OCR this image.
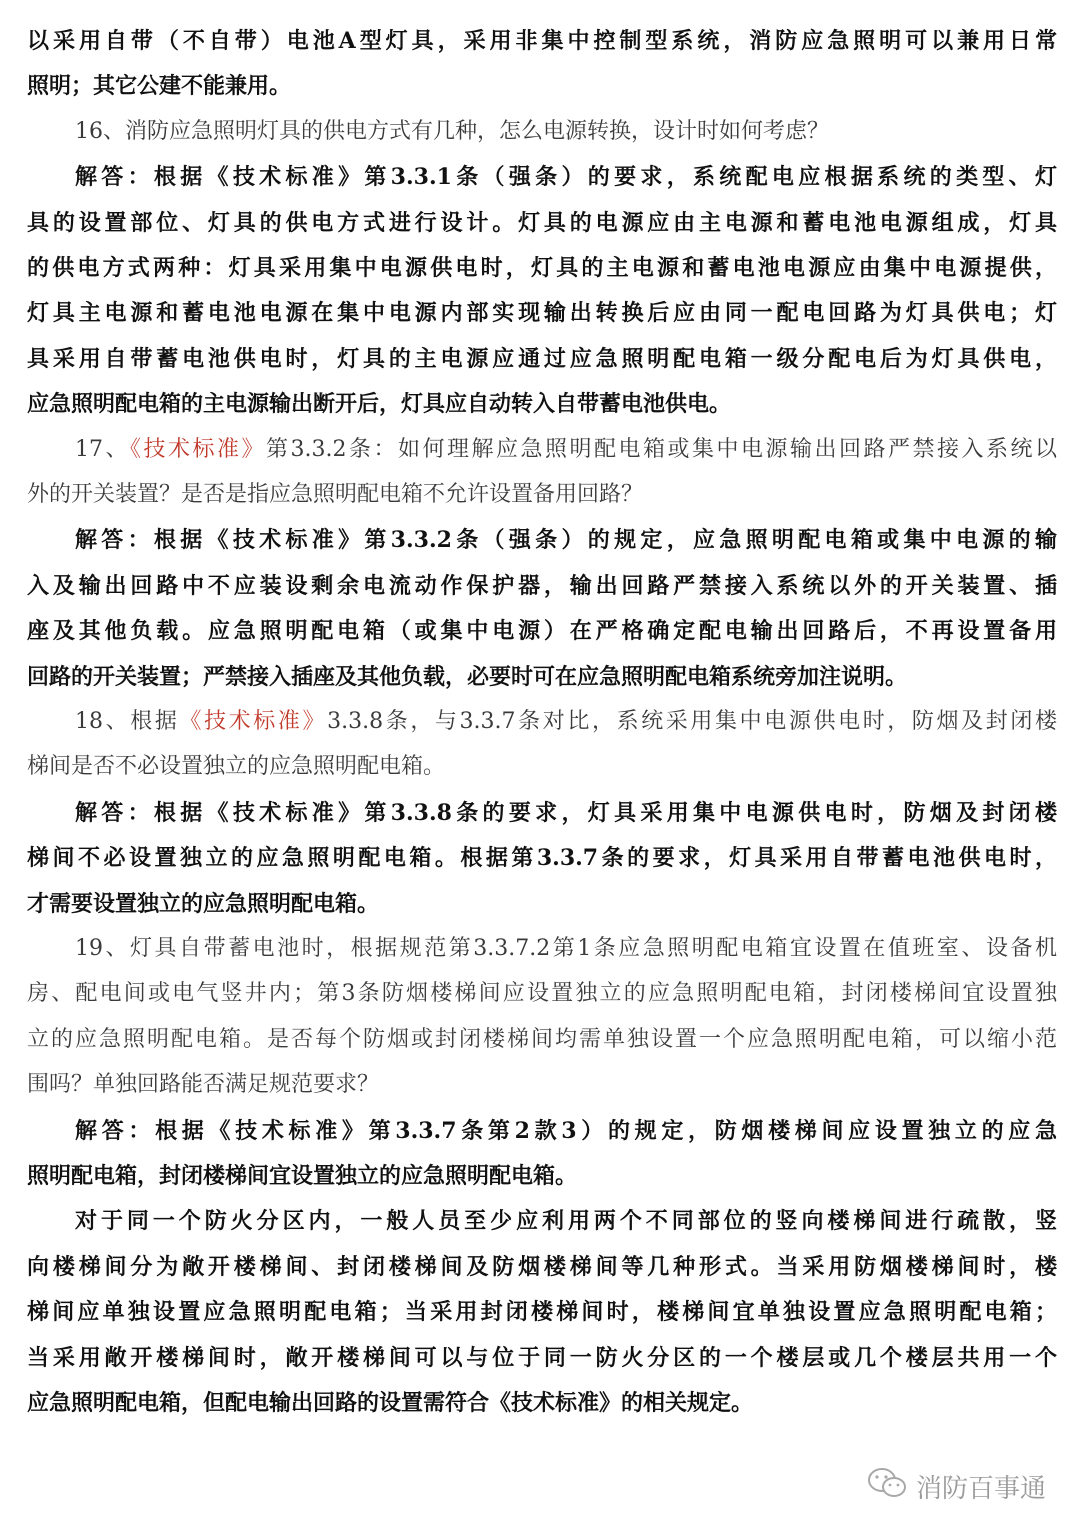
以采用自带（不自带）电池A型灯具，采用非集中控制型系统，消防应急照明可以兼用日常
照明；其它公建不能兼用。
16、消防应急照明灯具的供电方式有几种，怎么电源转换，设计时如何考虑？
解答：根据《技术标准》第3.3.1条（强条）的要求，系统配电应根据系统的类型、灯
具的设置部位、灯具的供电方式进行设计。灯具的电源应由主电源和蓄电池电源组成，灯具
的供电方式两种：灯具采用集中电源供电时，灯具的主电源和蓄电池电源应由集中电源提供，
灯具主电源和蓄电池电源在集中电源内部实现输出转换后应由同一配电回路为灯具供电；灯
具采用自带蓄电池供电时，灯具的主电源应通过应急照明配电箱一级分配电后为灯具供电，
应急照明配电箱的主电源输出断开后，灯具应自动转入自带蓄电池供电。
17、《技术标准》第3.3.2条：如何理解应急照明配电箱或集中电源输出回路严禁接入系统以
外的开关装置？是否是指应急照明配电箱不允许设置备用回路？
解答：根据《技术标准》第3.3.2条（强条）的规定，应急照明配电箱或集中电源的输
入及输出回路中不应装设剩余电流动作保护器，输出回路严禁接入系统以外的开关装置、插
座及其他负载。应急照明配电箱（或集中电源）在严格确定配电输出回路后，不再设置备用
回路的开关装置；严禁接入插座及其他负载，必要时可在应急照明配电箱系统旁加注说明。
18、根据《技术标准》3.3.8条，与3.3.7条对比，系统采用集中电源供电时，防烟及封闭楼
梯间是否不必设置独立的应急照明配电箱。
解答：根据《技术标准》第3.3.8条的要求，灯具采用集中电源供电时，防烟及封闭楼
梯间不必设置独立的应急照明配电箱。根据第3.3.7条的要求，灯具采用自带蓄电池供电时，
才需要设置独立的应急照明配电箱。
19、灯具自带蓄电池时，根据规范第3.3.7.2第1条应急照明配电箱宜设置在值班室、设备机
房、配电间或电气竖井内；第3条防烟楼梯间应设置独立的应急照明配电箱，封闭楼梯间宜设置独
立的应急照明配电箱。是否每个防烟或封闭楼梯间均需单独设置一个应急照明配电箱，可以缩小范
围吗？单独回路能否满足规范要求？
解答：根据《技术标准》第3.3.7条第2款3）的规定，防烟楼梯间应设置独立的应急
照明配电箱，封闭楼梯间宜设置独立的应急照明配电箱。
对于同一个防火分区内，一般人员至少应利用两个不同部位的竖向楼梯间进行疏散，竖
向楼梯间分为敞开楼梯间、封闭楼梯间及防烟楼梯间等几种形式。当采用防烟楼梯间时，楼
梯间应单独设置应急照明配电箱；当采用封闭楼梯间时，楼梯间宜单独设置应急照明配电箱；
当采用敞开楼梯间时，敞开楼梯间可以与位于同一防火分区的一个楼层或几个楼层共用一个
应急照明配电箱，但配电输出回路的设置需符合《技术标准》的相关规定。
消防百事通
